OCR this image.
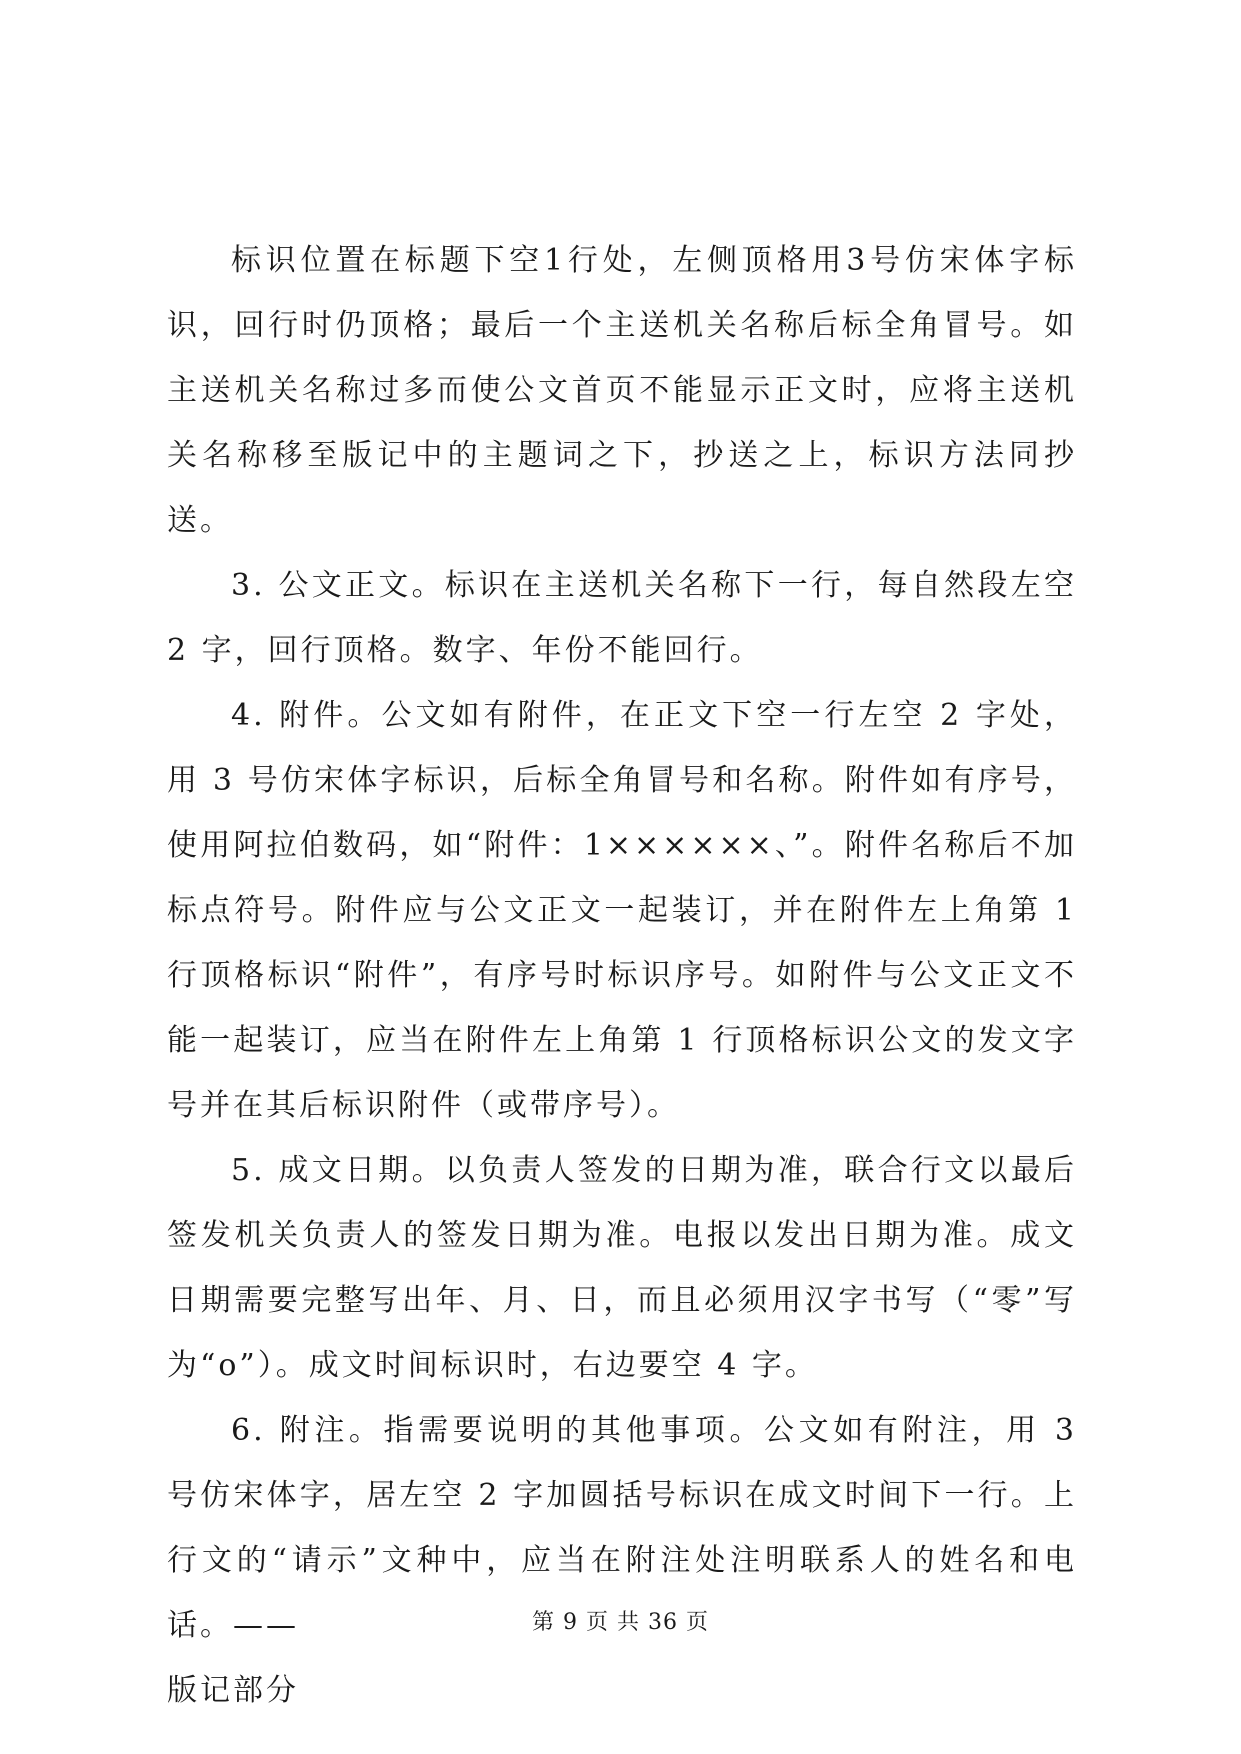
标识位置在标题下空1行处，左侧顶格用3号仿宋体字标识，回行时仍顶格；最后一个主送机关名称后标全角冒号。如主送机关名称过多而使公文首页不能显示正文时，应将主送机关名称移至版记中的主题词之下，抄送之上，标识方法同抄送。

3. 公文正文。标识在主送机关名称下一行，每自然段左空 2 字，回行顶格。数字、年份不能回行。

4. 附件。公文如有附件，在正文下空一行左空 2 字处，用 3 号仿宋体字标识，后标全角冒号和名称。附件如有序号，使用阿拉伯数码，如“附件：1××××××、”。附件名称后不加标点符号。附件应与公文正文一起装订，并在附件左上角第 1 行顶格标识“附件”，有序号时标识序号。如附件与公文正文不能一起装订，应当在附件左上角第 1 行顶格标识公文的发文字号并在其后标识附件（或带序号）。

5. 成文日期。以负责人签发的日期为准，联合行文以最后签发机关负责人的签发日期为准。电报以发出日期为准。成文日期需要完整写出年、月、日，而且必须用汉字书写（“零”写为“o”）。成文时间标识时，右边要空 4 字。

6. 附注。指需要说明的其他事项。公文如有附注，用 3 号仿宋体字，居左空 2 字加圆括号标识在成文时间下一行。上行文的“请示”文种中，应当在附注处注明联系人的姓名和电话。——

版记部分

第 9 页 共 36 页
